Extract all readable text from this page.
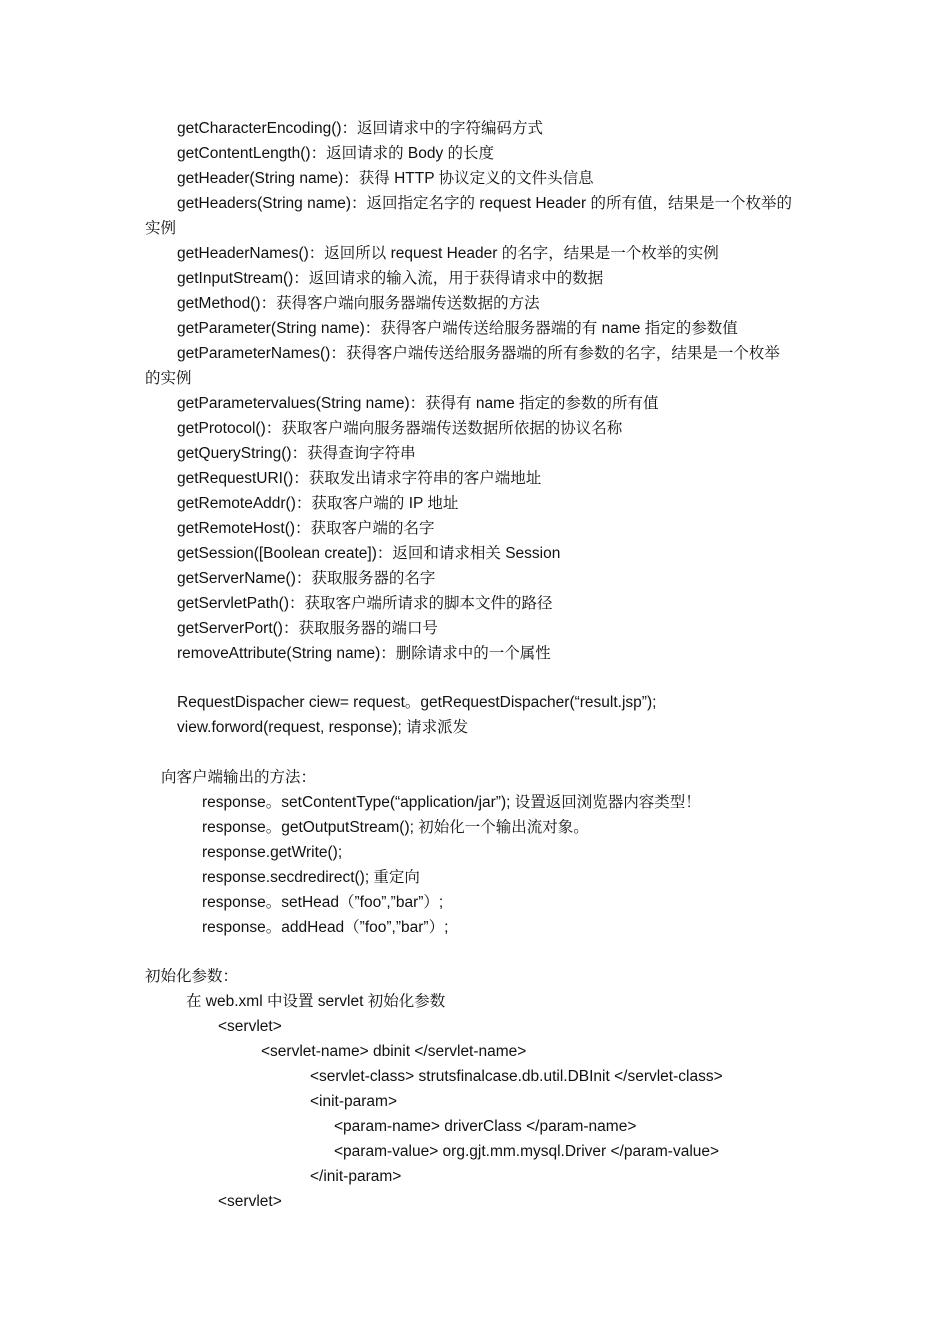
getCharacterEncoding()：返回请求中的字符编码方式
getContentLength()：返回请求的 Body 的长度
getHeader(String name)：获得 HTTP 协议定义的文件头信息
getHeaders(String name)：返回指定名字的 request Header 的所有值，结果是一个枚举的
实例
getHeaderNames()：返回所以 request Header 的名字，结果是一个枚举的实例
getInputStream()：返回请求的输入流，用于获得请求中的数据
getMethod()：获得客户端向服务器端传送数据的方法
getParameter(String name)：获得客户端传送给服务器端的有 name 指定的参数值
getParameterNames()：获得客户端传送给服务器端的所有参数的名字，结果是一个枚举
的实例
getParametervalues(String name)：获得有 name 指定的参数的所有值
getProtocol()：获取客户端向服务器端传送数据所依据的协议名称
getQueryString()：获得查询字符串
getRequestURI()：获取发出请求字符串的客户端地址
getRemoteAddr()：获取客户端的 IP 地址
getRemoteHost()：获取客户端的名字
getSession([Boolean create])：返回和请求相关 Session
getServerName()：获取服务器的名字
getServletPath()：获取客户端所请求的脚本文件的路径
getServerPort()：获取服务器的端口号
removeAttribute(String name)：删除请求中的一个属性
RequestDispacher ciew= request。getRequestDispacher(“result.jsp”);
view.forword(request, response); 请求派发
向客户端输出的方法：
response。setContentType(“application/jar”); 设置返回浏览器内容类型！
response。getOutputStream(); 初始化一个输出流对象。
response.getWrite();
response.secdredirect(); 重定向
response。setHead（”foo”,”bar”）;
response。addHead（”foo”,”bar”）;
初始化参数：
在 web.xml 中设置 servlet 初始化参数
<servlet>
<servlet-name> dbinit </servlet-name>
<servlet-class> strutsfinalcase.db.util.DBInit </servlet-class>
<init-param>
<param-name> driverClass </param-name>
<param-value> org.gjt.mm.mysql.Driver </param-value>
</init-param>
<servlet>
